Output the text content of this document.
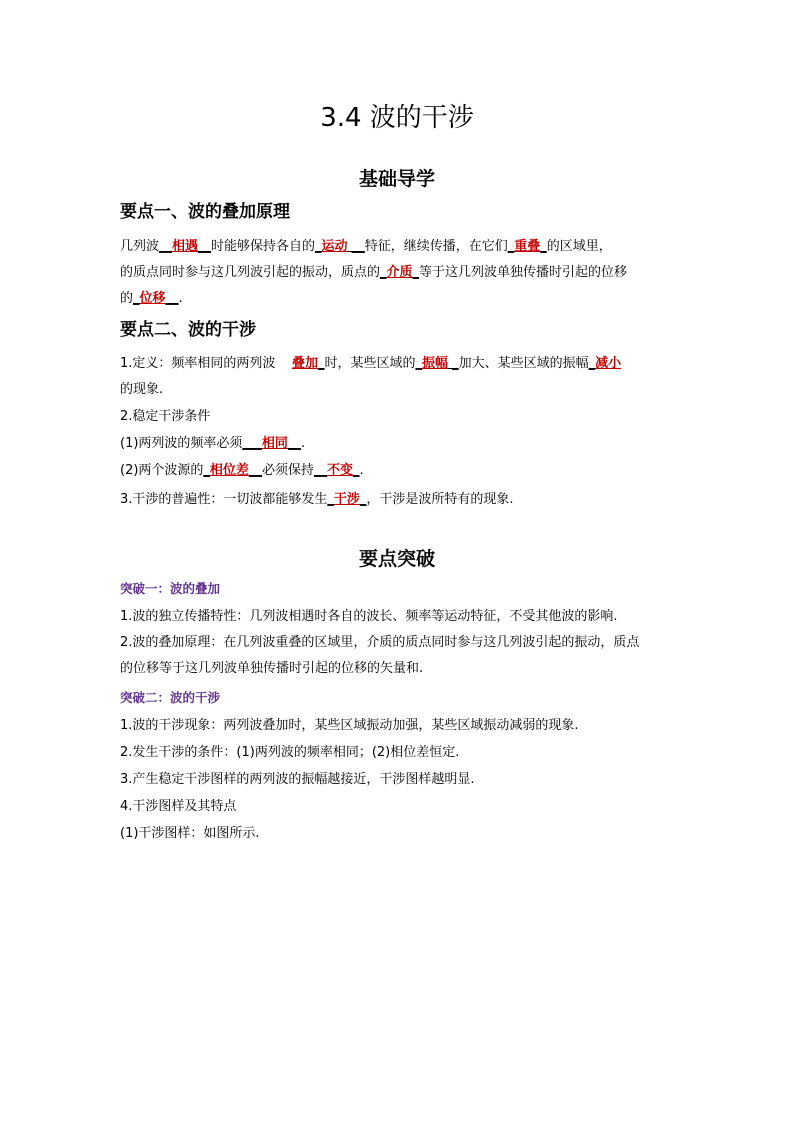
3.4 波的干涉
基础导学
要点一、波的叠加原理
几列波__相遇__时能够保持各自的_运动 __特征，继续传播，在它们_重叠_的区域里，
的质点同时参与这几列波引起的振动，质点的_介质_等于这几列波单独传播时引起的位移
的_位移__.
要点二、波的干涉
1.定义：频率相同的两列波 叠加_时，某些区域的_振幅 _加大、某些区域的振幅_减小
的现象.
2.稳定干涉条件
(1)两列波的频率必须___相同__.
(2)两个波源的_相位差__必须保持__不变_.
3.干涉的普遍性：一切波都能够发生_干涉_，干涉是波所特有的现象.
要点突破
突破一：波的叠加
1.波的独立传播特性：几列波相遇时各自的波长、频率等运动特征，不受其他波的影响.
2.波的叠加原理：在几列波重叠的区域里，介质的质点同时参与这几列波引起的振动，质点
的位移等于这几列波单独传播时引起的位移的矢量和.
突破二：波的干涉
1.波的干涉现象：两列波叠加时，某些区域振动加强，某些区域振动减弱的现象.
2.发生干涉的条件：(1)两列波的频率相同；(2)相位差恒定.
3.产生稳定干涉图样的两列波的振幅越接近，干涉图样越明显.
4.干涉图样及其特点
(1)干涉图样：如图所示.
